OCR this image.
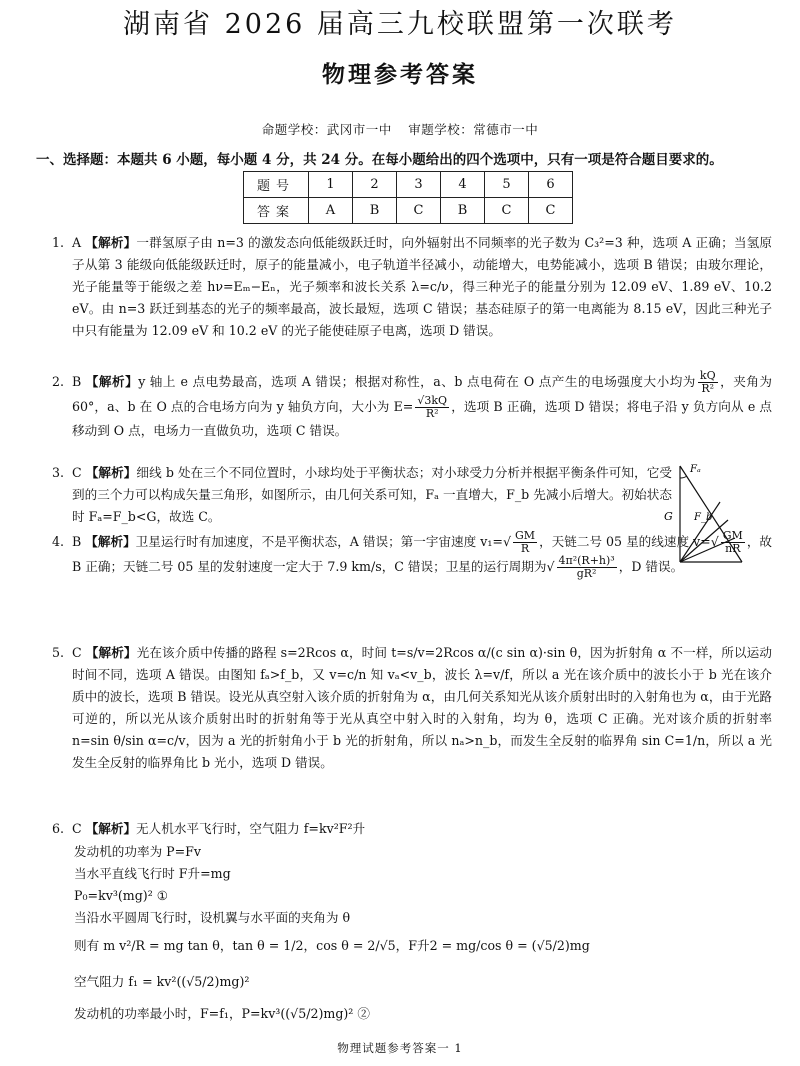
湖南省 2026 届高三九校联盟第一次联考
物理参考答案
命题学校：武冈市一中 审题学校：常德市一中
一、选择题：本题共 6 小题，每小题 4 分，共 24 分。在每小题给出的四个选项中，只有一项是符合题目要求的。
题号	1	2	3	4	5	6
答案	A	B	C	B	C	C
1. A 【解析】一群氢原子由 n=3 的激发态向低能级跃迁时，向外辐射出不同频率的光子数为 C₃²=3 种，选项 A 正确；当氢原子从第 3 能级向低能级跃迁时，原子的能量减小，电子轨道半径减小，动能增大，电势能减小，选项 B 错误；由玻尔理论，光子能量等于能级之差 hν=Eₘ−Eₙ，光子频率和波长关系 λ=c/ν，得三种光子的能量分别为 12.09 eV、1.89 eV、10.2 eV。由 n=3 跃迁到基态的光子的频率最高，波长最短，选项 C 错误；基态硅原子的第一电离能为 8.15 eV，因此三种光子中只有能量为 12.09 eV 和 10.2 eV 的光子能使硅原子电离，选项 D 错误。
2. B 【解析】y 轴上 e 点电势最高，选项 A 错误；根据对称性，a、b 点电荷在 O 点产生的电场强度大小均为 $\frac{kQ}{\text{R²}}$ ，夹角为 60°，a、b 在 O 点的合电场方向为 y 轴负方向，大小为 $E= \frac{√3kQ}{\text{R²}}$ ，选项 B 正确，选项 D 错误；将电子沿 y 负方向从 e 点移动到 O 点，电场力一直做负功，选项 C 错误。
3. C 【解析】细线 b 处在三个不同位置时，小球均处于平衡状态；对小球受力分析并根据平衡条件可知，它受到的三个力可以构成矢量三角形，如图所示，由几何关系可知，Fₐ 一直增大，F_b 先减小后增大。初始状态时 Fₐ=F_b<G，故选 C。
Fₐ
F_b
G
4. B 【解析】卫星运行时有加速度，不是平衡状态，A 错误；第一宇宙速度 $v_1=√ \frac{GM}{R}$ ，天链二号 05 星的线速度 $v=√ \frac{GM}{nR}$ ，故 B 正确；天链二号 05 星的发射速度一定大于 7.9 km/s，C 错误；卫星的运行周期为√ $\frac{\text{4π²(R+h)³}}{\text{gR²}}$ ，D 错误。
5. C 【解析】光在该介质中传播的路程 s=2Rcos α，时间 t=s/v=2Rcos α/(c sin α)·sin θ，因为折射角 α 不一样，所以运动时间不同，选项 A 错误。由图知 fₐ>f_b，又 v=c/n 知 vₐ<v_b，波长 λ=v/f，所以 a 光在该介质中的波长小于 b 光在该介质中的波长，选项 B 错误。设光从真空射入该介质的折射角为 α，由几何关系知光从该介质射出时的入射角也为 α，由于光路可逆的，所以光从该介质射出时的折射角等于光从真空中射入时的入射角，均为 θ，选项 C 正确。光对该介质的折射率 n=sin θ/sin α=c/v，因为 a 光的折射角小于 b 光的折射角，所以 nₐ>n_b，而发生全反射的临界角 sin C=1/n，所以 a 光发生全反射的临界角比 b 光小，选项 D 错误。
6. C 【解析】无人机水平飞行时，空气阻力 f=kv²F²升
发动机的功率为 P=Fv
当水平直线飞行时 F升=mg
P₀=kv³(mg)² ①
当沿水平圆周飞行时，设机翼与水平面的夹角为 θ
则有 m v²/R = mg tan θ，tan θ = 1/2，cos θ = 2/√5，F升2 = mg/cos θ = (√5/2)mg
空气阻力 f₁ = kv²((√5/2)mg)²
发动机的功率最小时，F=f₁，P=kv³((√5/2)mg)² ②
物理试题参考答案一 1
